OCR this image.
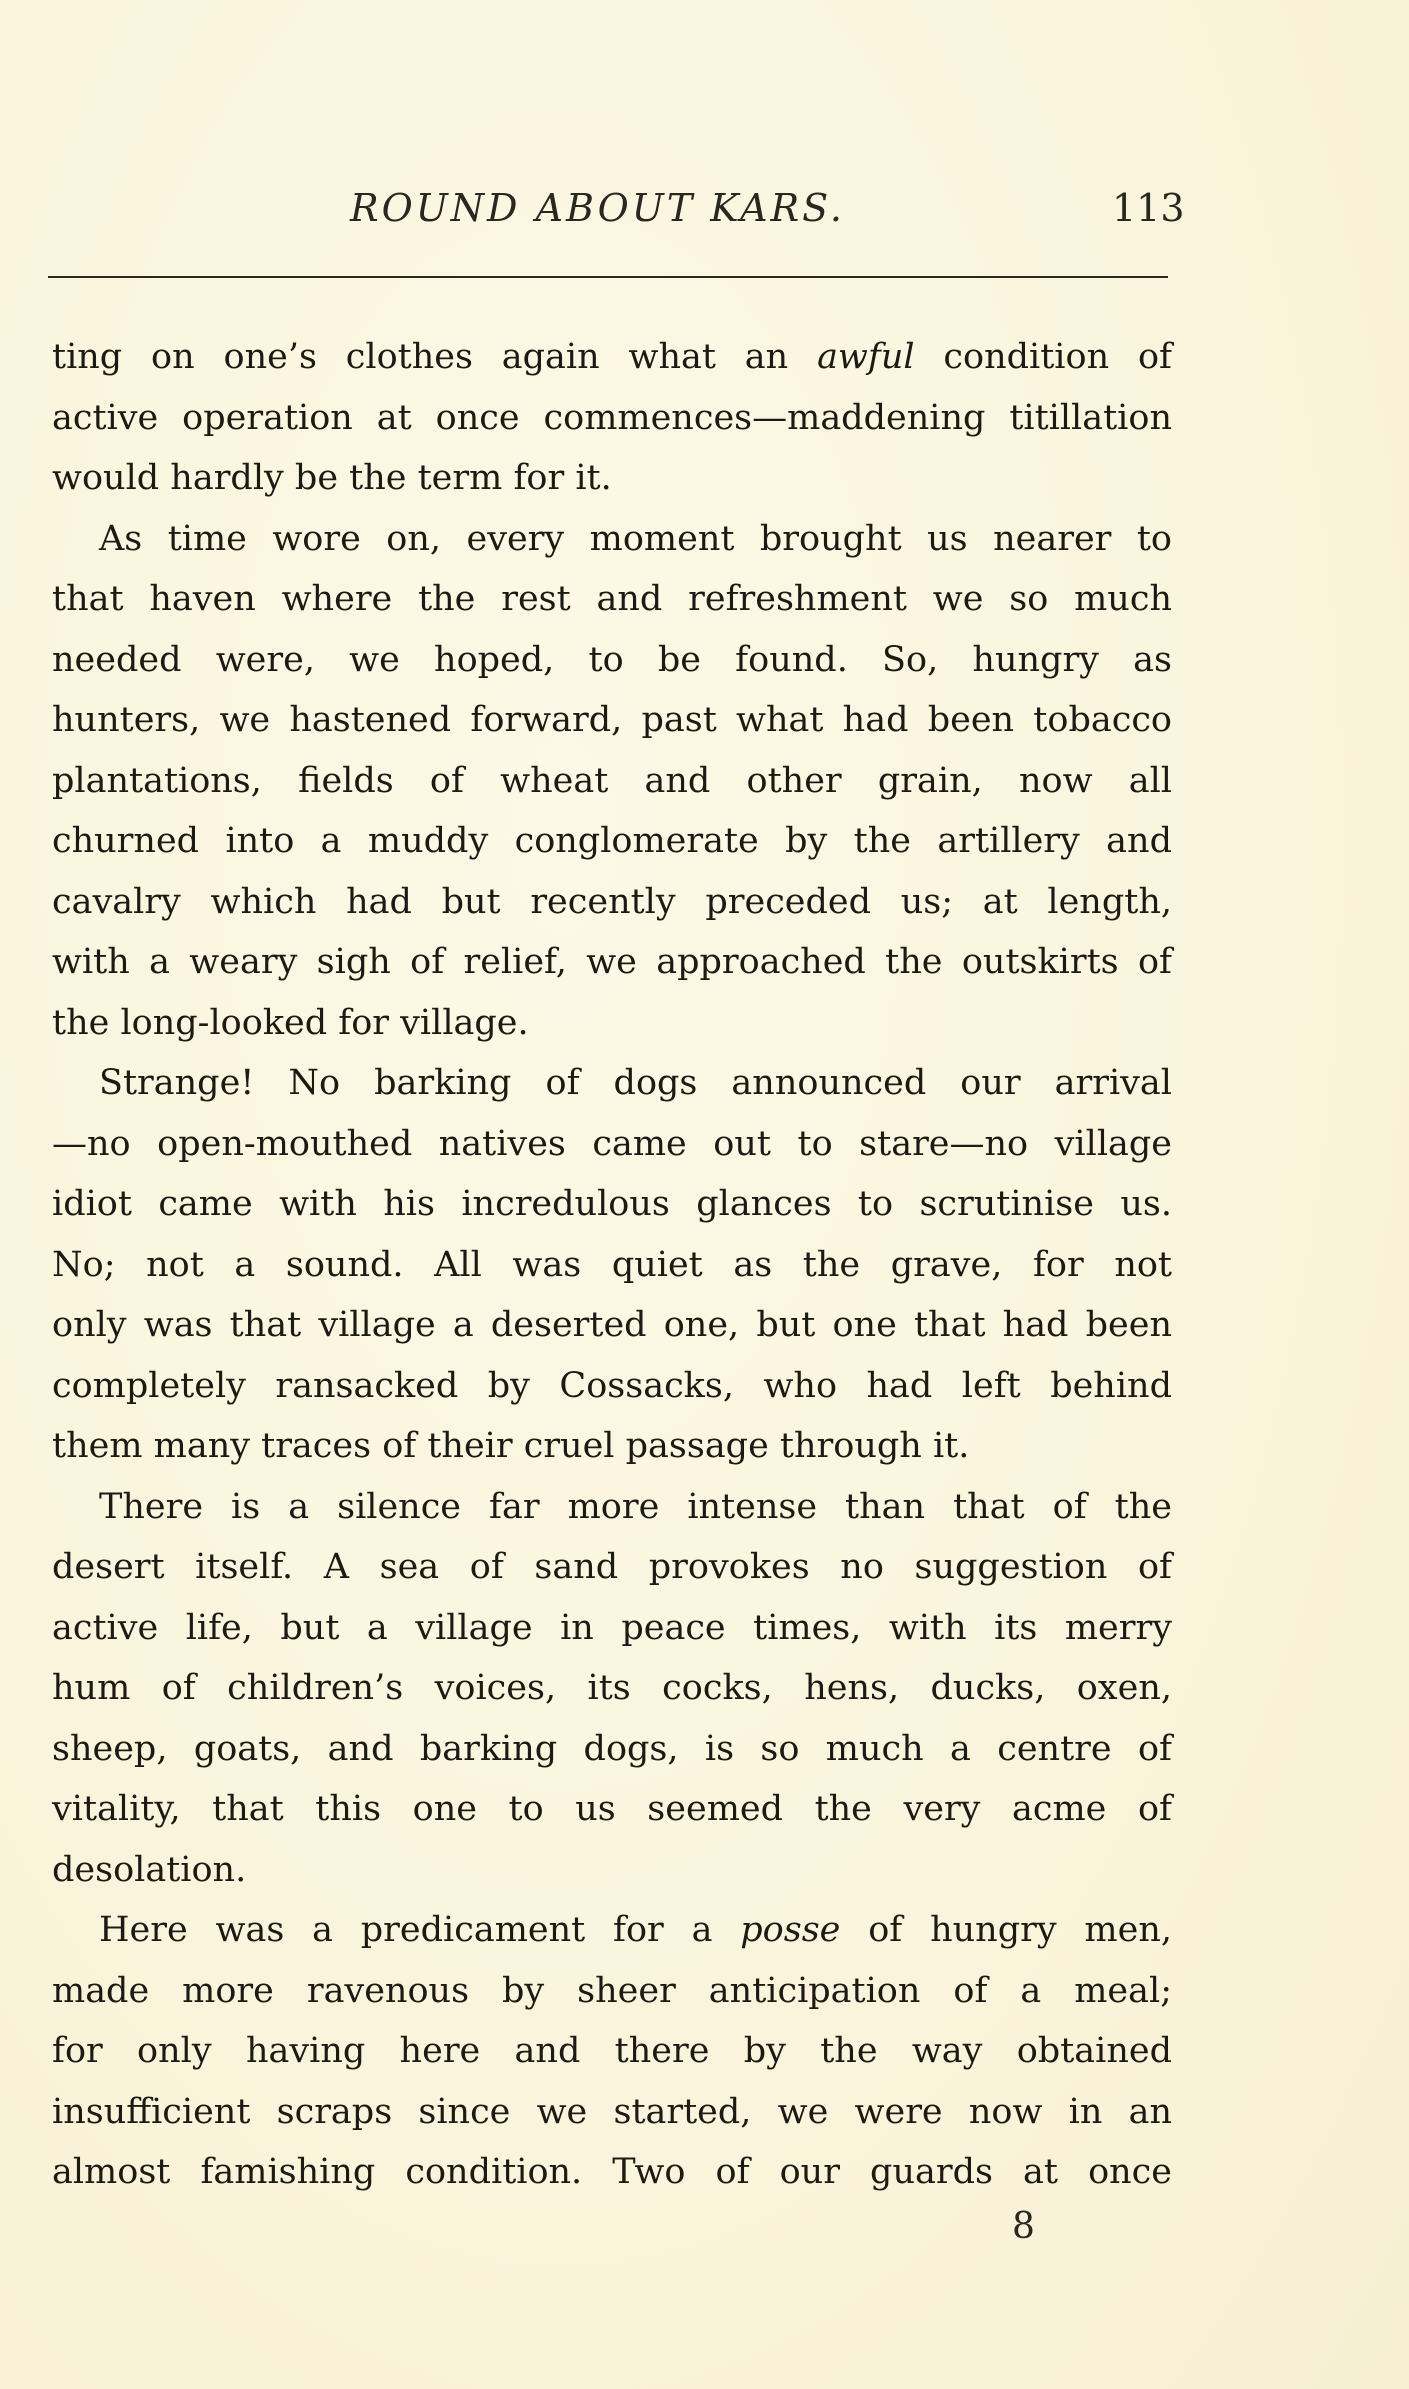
ROUND ABOUT KARS.	113
ting on one’s clothes again what an awful condition of
active operation at once commences—maddening titillation
would hardly be the term for it.
As time wore on, every moment brought us nearer to
that haven where the rest and refreshment we so much
needed were, we hoped, to be found. So, hungry as
hunters, we hastened forward, past what had been tobacco
plantations, fields of wheat and other grain, now all
churned into a muddy conglomerate by the artillery and
cavalry which had but recently preceded us; at length,
with a weary sigh of relief, we approached the outskirts of
the long-looked for village.
Strange! No barking of dogs announced our arrival
—no open-mouthed natives came out to stare—no village
idiot came with his incredulous glances to scrutinise us.
No; not a sound. All was quiet as the grave, for not
only was that village a deserted one, but one that had been
completely ransacked by Cossacks, who had left behind
them many traces of their cruel passage through it.
There is a silence far more intense than that of the
desert itself. A sea of sand provokes no suggestion of
active life, but a village in peace times, with its merry
hum of children’s voices, its cocks, hens, ducks, oxen,
sheep, goats, and barking dogs, is so much a centre of
vitality, that this one to us seemed the very acme of
desolation.
Here was a predicament for a posse of hungry men,
made more ravenous by sheer anticipation of a meal;
for only having here and there by the way obtained
insufficient scraps since we started, we were now in an
almost famishing condition. Two of our guards at once
8
